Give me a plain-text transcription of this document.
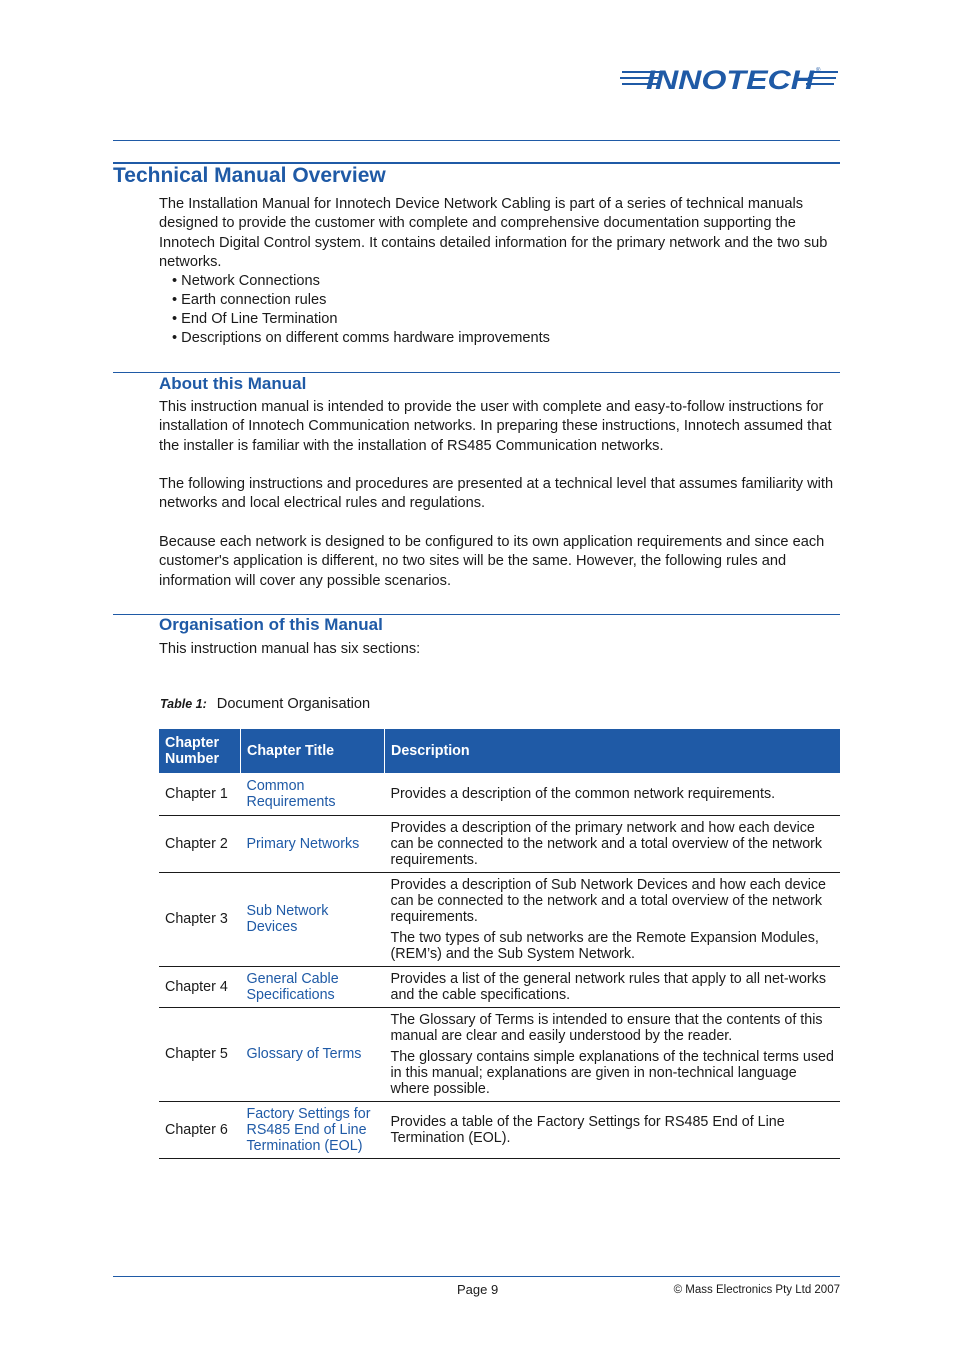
INNOTECH ®
Technical Manual Overview
The Installation Manual for Innotech Device Network Cabling is part of a series of technical manuals designed to provide the customer with complete and comprehensive documentation supporting the Innotech Digital Control system. It contains detailed information for the primary network and the two sub networks.
• Network Connections
• Earth connection rules
• End Of Line Termination
• Descriptions on different comms hardware improvements
About this Manual
This instruction manual is intended to provide the user with complete and easy-to-follow instructions for installation of Innotech Communication networks. In preparing these instructions, Innotech assumed that the installer is familiar with the installation of RS485 Communication networks.
The following instructions and procedures are presented at a technical level that assumes familiarity with networks and local electrical rules and regulations.
Because each network is designed to be configured to its own application requirements and since each customer's application is different, no two sites will be the same. However, the following rules and information will cover any possible scenarios.
Organisation of this Manual
This instruction manual has six sections:
Table 1: Document Organisation
Chapter Number	Chapter Title	Description
Chapter 1	Common Requirements	Provides a description of the common network requirements.

Chapter 2	Primary Networks	Provides a description of the primary network and how each device can be connected to the network and a total overview of the network requirements.

Chapter 3	Sub Network Devices	Provides a description of Sub Network Devices and how each device can be connected to the network and a total overview of the network requirements.

The two types of sub networks are the Remote Expansion Modules, (REM’s) and the Sub System Network.

Chapter 4	General Cable Specifications	Provides a list of the general network rules that apply to all net-works and the cable specifications.

Chapter 5	Glossary of Terms	The Glossary of Terms is intended to ensure that the contents of this manual are clear and easily understood by the reader.

The glossary contains simple explanations of the technical terms used in this manual; explanations are given in non-technical language where possible.

Chapter 6	Factory Settings for RS485 End of Line Termination (EOL)	Provides a table of the Factory Settings for RS485 End of Line Termination (EOL).

Page 9	© Mass Electronics Pty Ltd 2007
